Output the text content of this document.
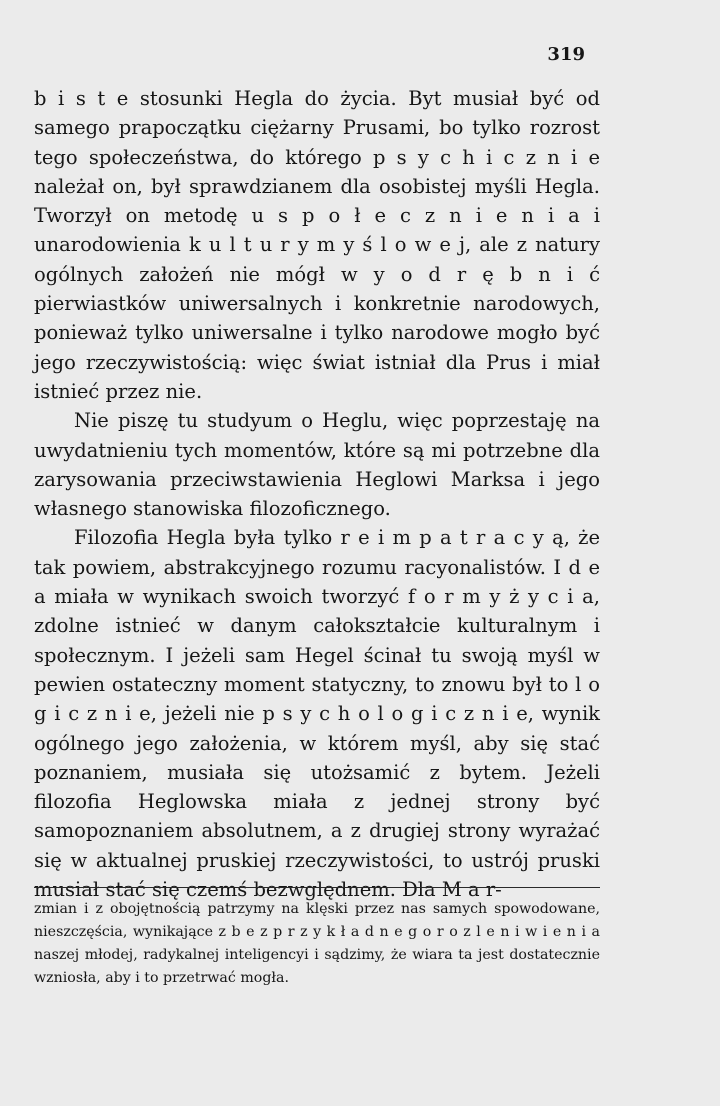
319

b i s t e stosunki Hegla do życia. Byt musiał być od samego prapoczątku ciężarny Prusami, bo tylko rozrost tego społeczeństwa, do którego p s y c h i c z n i e należał on, był sprawdzianem dla osobistej myśli Hegla. Tworzył on metodę u s p o ł e c z n i e n i a i unarodowienia k u l t u r y m y ś l o w e j, ale z natury ogólnych założeń nie mógł w y o d r ę b n i ć pierwiastków uniwersalnych i konkretnie narodowych, ponieważ tylko uniwersalne i tylko narodowe mogło być jego rzeczywistością: więc świat istniał dla Prus i miał istnieć przez nie.

Nie piszę tu studyum o Heglu, więc poprzestaję na uwydatnieniu tych momentów, które są mi potrzebne dla zarysowania przeciwstawienia Heglowi Marksa i jego własnego stanowiska filozoficznego.

Filozofia Hegla była tylko r e i m p a t r a c y ą, że tak powiem, abstrakcyjnego rozumu racyonalistów. I d e a miała w wynikach swoich tworzyć f o r m y ż y c i a, zdolne istnieć w danym całokształcie kulturalnym i społecznym. I jeżeli sam Hegel ścinał tu swoją myśl w pewien ostateczny moment statyczny, to znowu był to l o g i c z n i e, jeżeli nie p s y c h o l o g i c z n i e, wynik ogólnego jego założenia, w którem myśl, aby się stać poznaniem, musiała się utożsamić z bytem. Jeżeli filozofia Heglowska miała z jednej strony być samopoznaniem absolutnem, a z drugiej strony wyrażać się w aktualnej pruskiej rzeczywistości, to ustrój pruski musiał stać się czemś bezwględnem. Dla M a r-

zmian i z obojętnością patrzymy na klęski przez nas samych spowodowane, nieszczęścia, wynikające z b e z p r z y k ł a d n e g o r o z l e n i w i e n i a naszej młodej, radykalnej inteligencyi i sądzimy, że wiara ta jest dostatecznie wzniosła, aby i to przetrwać mogła.
